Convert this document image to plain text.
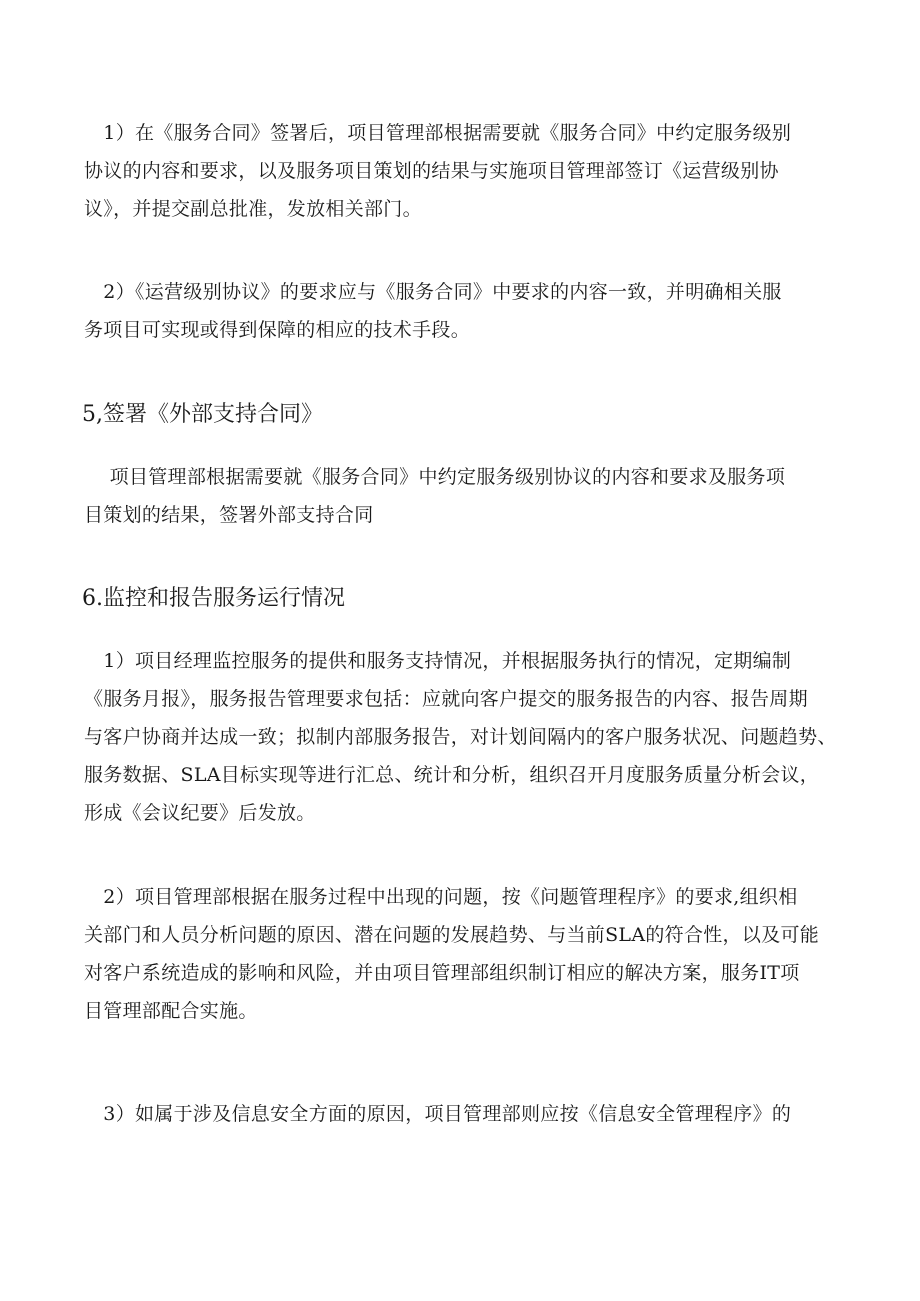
　1）在《服务合同》签署后，项目管理部根据需要就《服务合同》中约定服务级别
协议的内容和要求，以及服务项目策划的结果与实施项目管理部签订《运营级别协
议》，并提交副总批准，发放相关部门。

　2）《运营级别协议》的要求应与《服务合同》中要求的内容一致，并明确相关服
务项目可实现或得到保障的相应的技术手段。

5,签署《外部支持合同》

　 项目管理部根据需要就《服务合同》中约定服务级别协议的内容和要求及服务项
目策划的结果，签署外部支持合同

6.监控和报告服务运行情况

　1）项目经理监控服务的提供和服务支持情况，并根据服务执行的情况，定期编制
《服务月报》，服务报告管理要求包括：应就向客户提交的服务报告的内容、报告周期
与客户协商并达成一致；拟制内部服务报告，对计划间隔内的客户服务状况、问题趋势、
服务数据、SLA目标实现等进行汇总、统计和分析，组织召开月度服务质量分析会议，
形成《会议纪要》后发放。

　2）项目管理部根据在服务过程中出现的问题，按《问题管理程序》的要求,组织相
关部门和人员分析问题的原因、潜在问题的发展趋势、与当前SLA的符合性，以及可能
对客户系统造成的影响和风险，并由项目管理部组织制订相应的解决方案，服务IT项
目管理部配合实施。

　3）如属于涉及信息安全方面的原因，项目管理部则应按《信息安全管理程序》的
